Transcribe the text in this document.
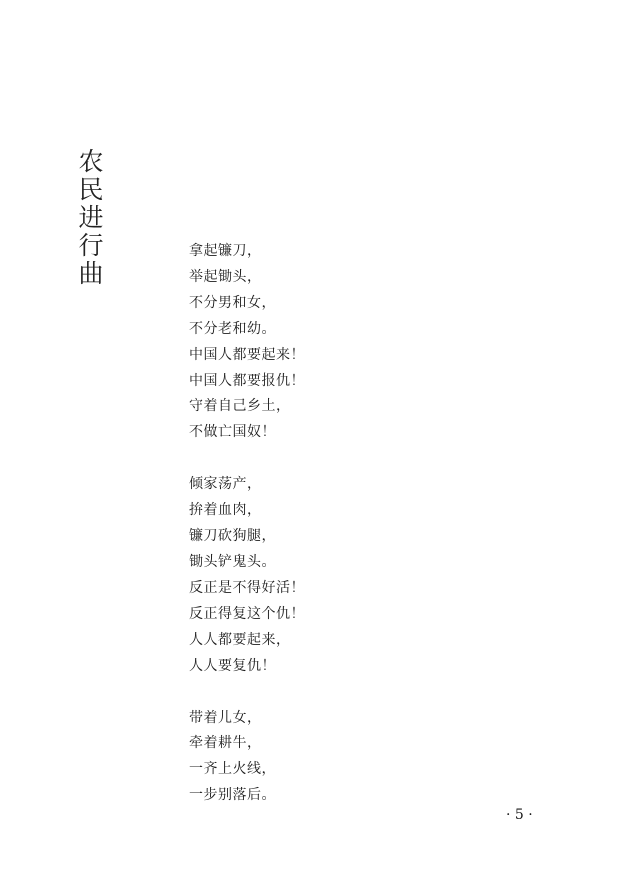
农
民
进
行
曲
拿起镰刀，
举起锄头，
不分男和女，
不分老和幼。
中国人都要起来！
中国人都要报仇！
守着自己乡土，
不做亡国奴！
倾家荡产，
拚着血肉，
镰刀砍狗腿，
锄头铲鬼头。
反正是不得好活！
反正得复这个仇！
人人都要起来，
人人要复仇！
带着儿女，
牵着耕牛，
一齐上火线，
一步别落后。
· 5 ·
